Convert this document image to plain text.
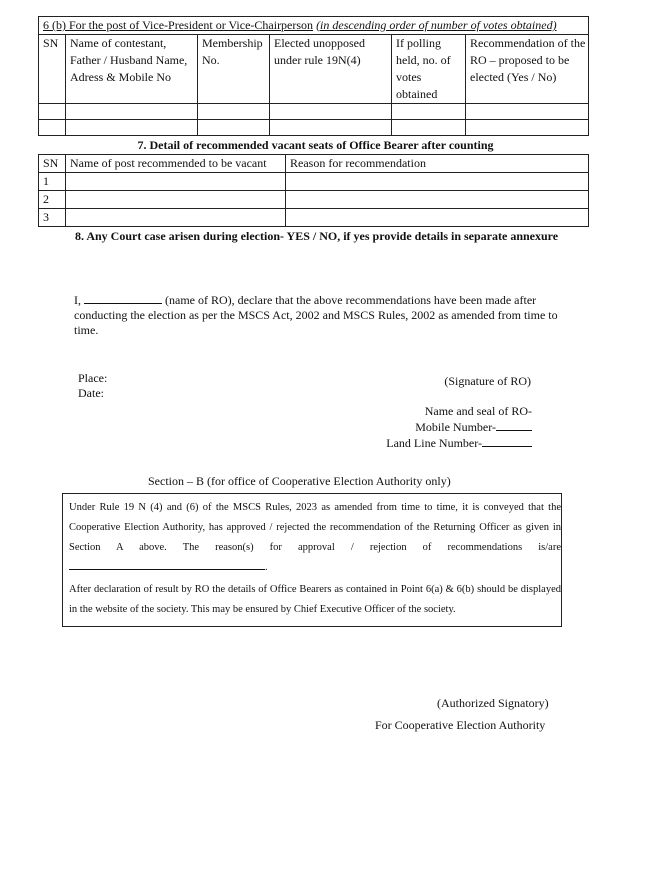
6 (b) For the post of Vice-President or Vice-Chairperson (in descending order of number of votes obtained)					
SN	Name of contestant, Father / Husband Name, Adress & Mobile No	Membership No.	Elected unopposed under rule 19N(4)	If polling held, no. of votes obtained	Recommendation of the RO – proposed to be elected (Yes / No)

7. Detail of recommended vacant seats of Office Bearer after counting		
SN	Name of post recommended to be vacant	Reason for recommendation
1		
2		
3		
8. Any Court case arisen during election- YES / NO, if yes provide details in separate annexure
I,	(name of RO), declare that the above recommendations have been made after conducting the election as per the MSCS Act, 2002 and MSCS Rules, 2002 as amended from time to time.
Place:
Date:
(Signature of RO)
Name and seal of RO-
Mobile Number-
Land Line Number-
Section – B (for office of Cooperative Election Authority only)

Under Rule 19 N (4) and (6) of the MSCS Rules, 2023 as amended from time to time, it is conveyed that the Cooperative Election Authority, has approved / rejected the recommendation of the Returning Officer as given in Section A above. The reason(s) for approval / rejection of recommendations is/are .

After declaration of result by RO the details of Office Bearers as contained in Point 6(a) & 6(b) should be displayed in the website of the society. This may be ensured by Chief Executive Officer of the society.

(Authorized Signatory)
For Cooperative Election Authority
